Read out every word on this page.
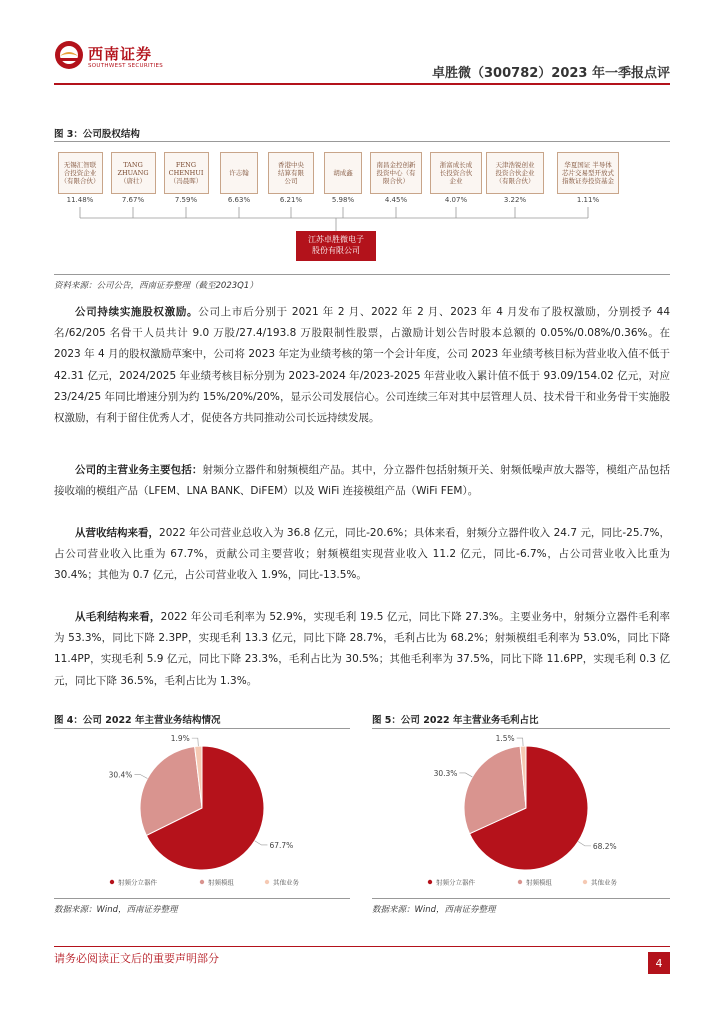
西南证券
SOUTHWEST SECURITIES	卓胜微（300782）2023 年一季报点评
图 3：公司股权结构
无锡汇智联
合投资企业
（有限合伙）
11.48%
TANG
ZHUANG
（唐壮）
7.67%
FENG
CHENHUI
（冯晨晖）
7.59%
许志翰
6.63%
香港中央
结算有限
公司
6.21%
胡成鑫
5.98%
南昌金控创新
投资中心（有
限合伙）
4.45%
浙富成长成
长投资合伙
企业
4.07%
天津浩锐创业
投资合伙企业
（有限合伙）
3.22%
华夏国证 半导体
芯片交易型开放式
指数证券投资基金
1.11%
江苏卓胜微电子
股份有限公司
资料来源：公司公告，西南证券整理（截至2023Q1）
公司持续实施股权激励。公司上市后分别于 2021 年 2 月、2022 年 2 月、2023 年 4 月发布了股权激励，分别授予 44 名/62/205 名骨干人员共计 9.0 万股/27.4/193.8 万股限制性股票，占激励计划公告时股本总额的 0.05%/0.08%/0.36%。在 2023 年 4 月的股权激励草案中，公司将 2023 年定为业绩考核的第一个会计年度，公司 2023 年业绩考核目标为营业收入值不低于 42.31 亿元，2024/2025 年业绩考核目标分别为 2023-2024 年/2023-2025 年营业收入累计值不低于 93.09/154.02 亿元，对应 23/24/25 年同比增速分别为约 15%/20%/20%，显示公司发展信心。公司连续三年对其中层管理人员、技术骨干和业务骨干实施股权激励，有利于留住优秀人才，促使各方共同推动公司长远持续发展。
公司的主营业务主要包括：射频分立器件和射频模组产品。其中，分立器件包括射频开关、射频低噪声放大器等，模组产品包括接收端的模组产品（LFEM、LNA BANK、DiFEM）以及 WiFi 连接模组产品（WiFi FEM）。
从营收结构来看，2022 年公司营业总收入为 36.8 亿元，同比-20.6%；具体来看，射频分立器件收入 24.7 元，同比-25.7%，占公司营业收入比重为 67.7%，贡献公司主要营收；射频模组实现营业收入 11.2 亿元，同比-6.7%，占公司营业收入比重为 30.4%；其他为 0.7 亿元，占公司营业收入 1.9%，同比-13.5%。
从毛利结构来看，2022 年公司毛利率为 52.9%，实现毛利 19.5 亿元，同比下降 27.3%。主要业务中，射频分立器件毛利率为 53.3%，同比下降 2.3PP，实现毛利 13.3 亿元，同比下降 28.7%，毛利占比为 68.2%；射频模组毛利率为 53.0%，同比下降 11.4PP，实现毛利 5.9 亿元，同比下降 23.3%，毛利占比为 30.5%；其他毛利率为 37.5%，同比下降 11.6PP，实现毛利 0.3 亿元，同比下降 36.5%，毛利占比为 1.3%。
图 4：公司 2022 年主营业务结构情况
67.7%
30.4%
1.9%
射频分立器件	射频模组	其他业务
数据来源：Wind，西南证券整理
图 5：公司 2022 年主营业务毛利占比
68.2%
30.3%
1.5%
射频分立器件	射频模组	其他业务
数据来源：Wind，西南证券整理
请务必阅读正文后的重要声明部分	4
